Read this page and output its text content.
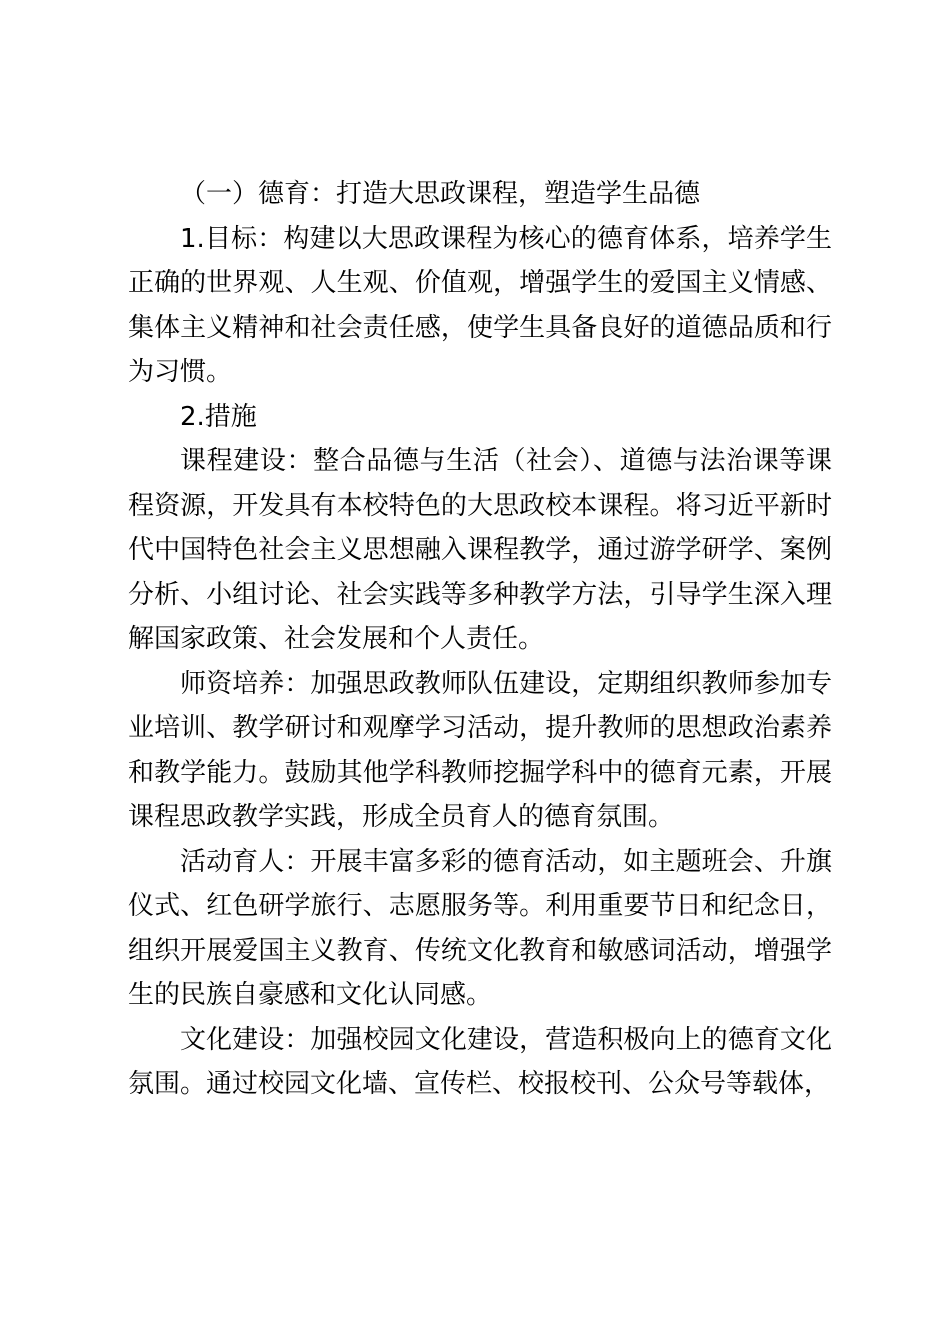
（一）德育：打造大思政课程，塑造学生品德

1.目标：构建以大思政课程为核心的德育体系，培养学生正确的世界观、人生观、价值观，增强学生的爱国主义情感、集体主义精神和社会责任感，使学生具备良好的道德品质和行为习惯。

2.措施

课程建设：整合品德与生活（社会）、道德与法治课等课程资源，开发具有本校特色的大思政校本课程。将习近平新时代中国特色社会主义思想融入课程教学，通过游学研学、案例分析、小组讨论、社会实践等多种教学方法，引导学生深入理解国家政策、社会发展和个人责任。

师资培养：加强思政教师队伍建设，定期组织教师参加专业培训、教学研讨和观摩学习活动，提升教师的思想政治素养和教学能力。鼓励其他学科教师挖掘学科中的德育元素，开展课程思政教学实践，形成全员育人的德育氛围。

活动育人：开展丰富多彩的德育活动，如主题班会、升旗仪式、红色研学旅行、志愿服务等。利用重要节日和纪念日，组织开展爱国主义教育、传统文化教育和敏感词活动，增强学生的民族自豪感和文化认同感。

文化建设：加强校园文化建设，营造积极向上的德育文化氛围。通过校园文化墙、宣传栏、校报校刊、公众号等载体，
